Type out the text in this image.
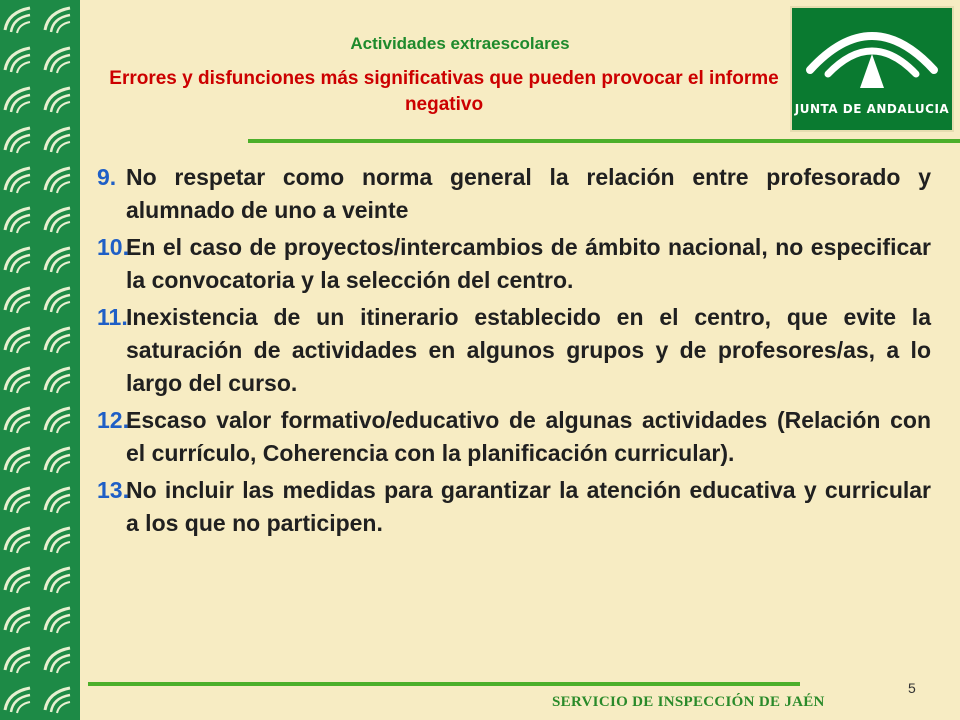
Actividades extraescolares
Errores y disfunciones más significativas que pueden provocar el informe negativo	JUNTA DE ANDALUCIA
9. No respetar como norma general la relación entre profesorado y alumnado de uno a veinte
10.
En el caso de proyectos/intercambios de ámbito nacional, no especificar la convocatoria y la selección del centro.
11.
Inexistencia de un itinerario establecido en el centro, que evite la saturación de actividades en algunos grupos y de profesores/as, a lo largo del curso.
12.
Escaso valor formativo/educativo de algunas actividades (Relación con el currículo, Coherencia con la planificación curricular).
13.
No incluir las medidas para garantizar la atención educativa y curricular a los que no participen.
5
SERVICIO DE INSPECCIÓN DE JAÉN
